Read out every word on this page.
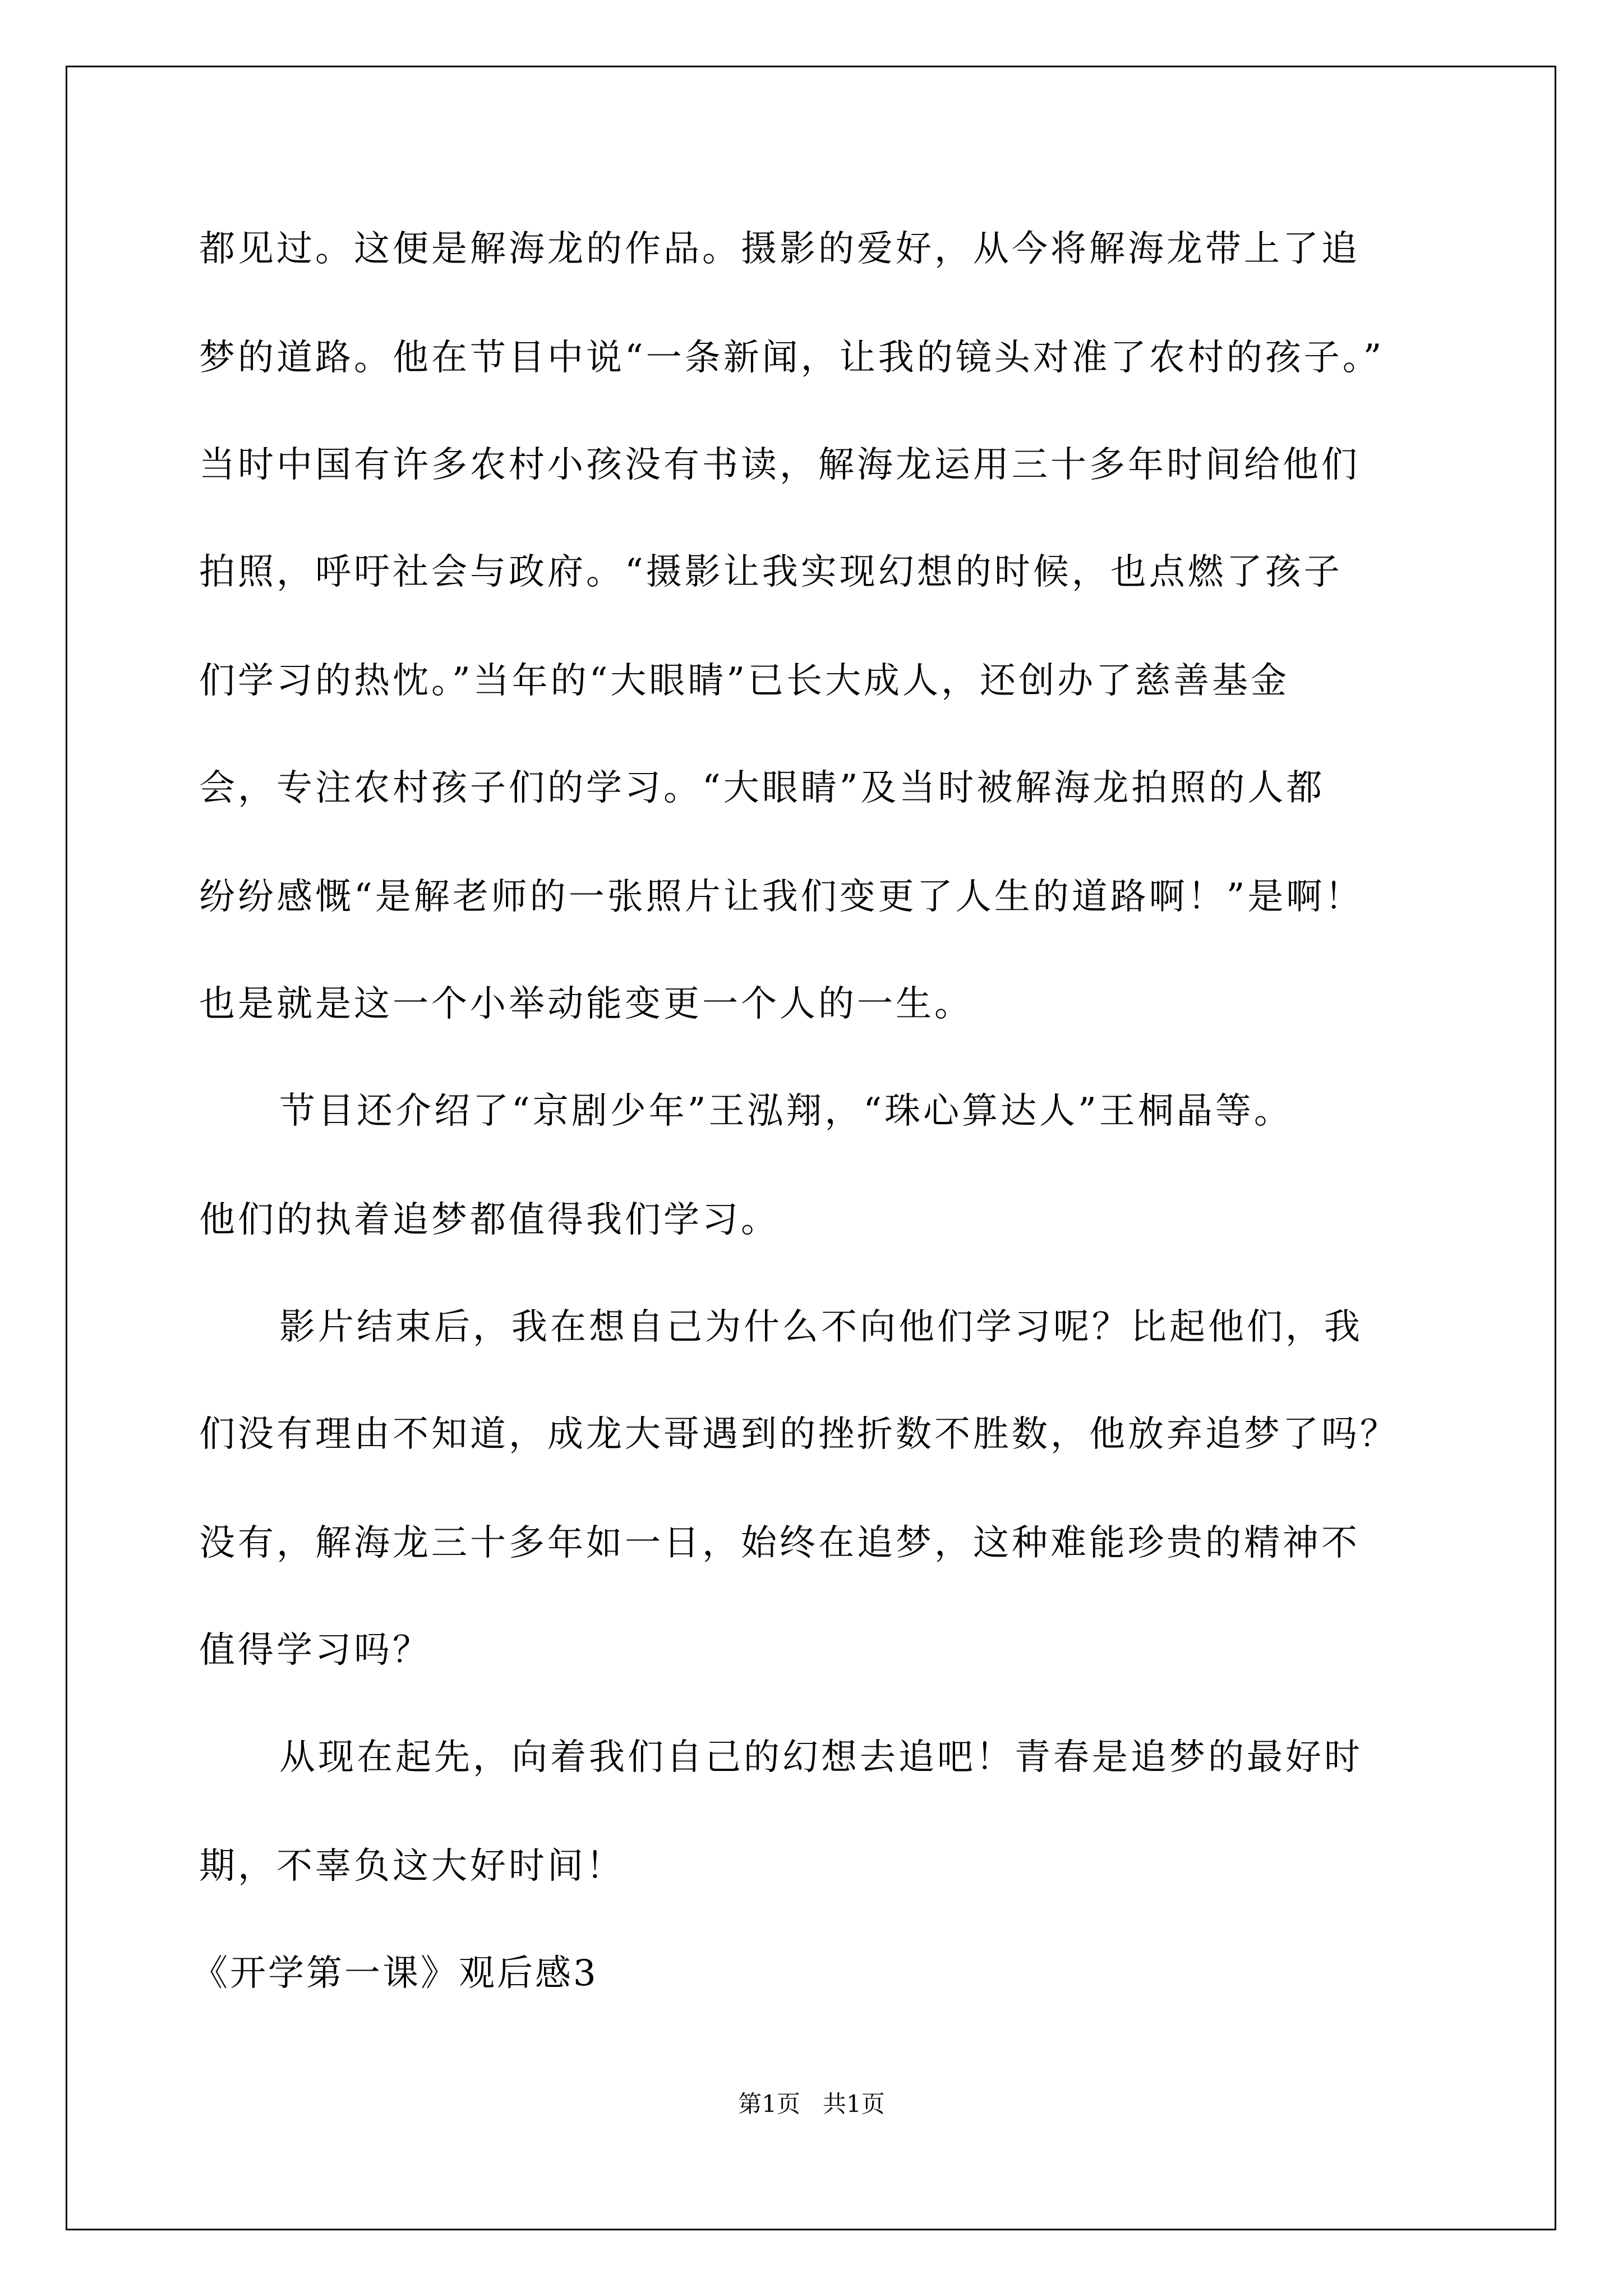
都见过。这便是解海龙的作品。摄影的爱好，从今将解海龙带上了追
梦的道路。他在节目中说“一条新闻，让我的镜头对准了农村的孩子。”
当时中国有许多农村小孩没有书读，解海龙运用三十多年时间给他们
拍照，呼吁社会与政府。“摄影让我实现幻想的时候，也点燃了孩子
们学习的热忱。”当年的“大眼睛”已长大成人，还创办了慈善基金
会，专注农村孩子们的学习。“大眼睛”及当时被解海龙拍照的人都
纷纷感慨“是解老师的一张照片让我们变更了人生的道路啊！”是啊！
也是就是这一个小举动能变更一个人的一生。
节目还介绍了“京剧少年”王泓翔，“珠心算达人”王桐晶等。
他们的执着追梦都值得我们学习。
影片结束后，我在想自己为什么不向他们学习呢？比起他们，我
们没有理由不知道，成龙大哥遇到的挫折数不胜数，他放弃追梦了吗？
没有，解海龙三十多年如一日，始终在追梦，这种难能珍贵的精神不
值得学习吗？
从现在起先，向着我们自己的幻想去追吧！青春是追梦的最好时
期，不辜负这大好时间！
《开学第一课》观后感3
第1页   共1页
